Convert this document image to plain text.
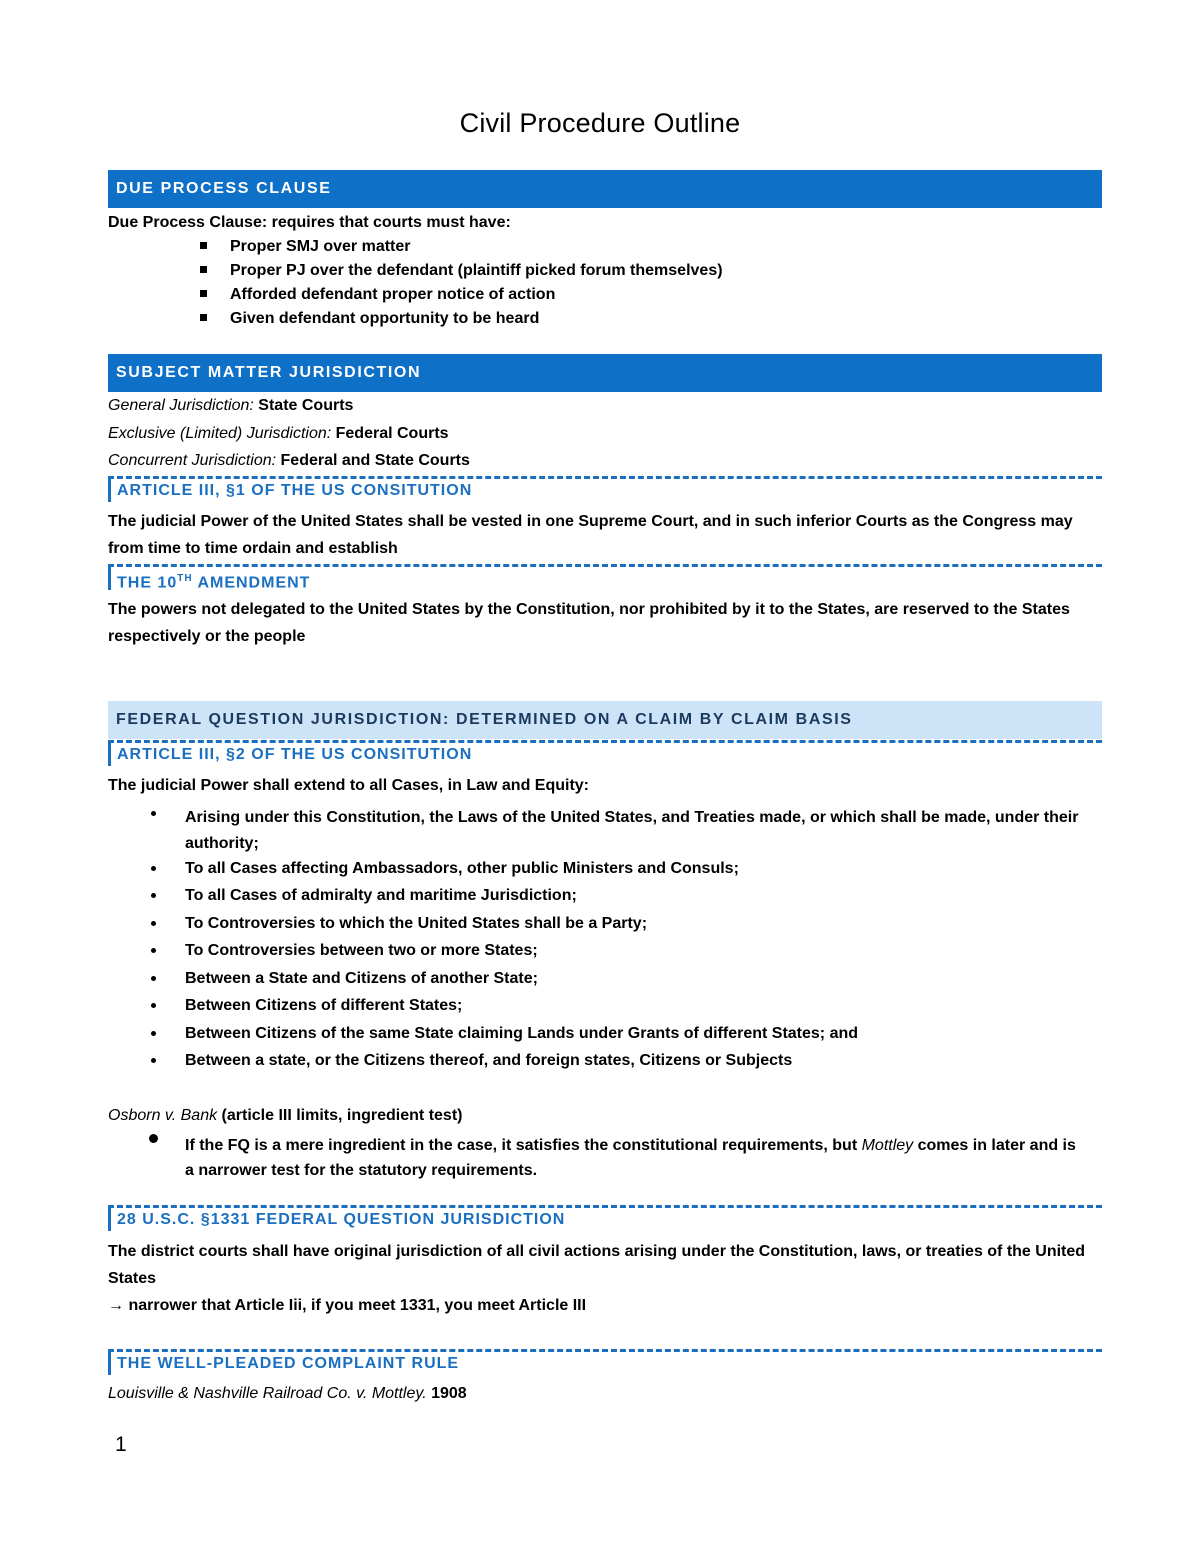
Civil Procedure Outline
DUE PROCESS CLAUSE
Due Process Clause: requires that courts must have:
Proper SMJ over matter
Proper PJ over the defendant (plaintiff picked forum themselves)
Afforded defendant proper notice of action
Given defendant opportunity to be heard
SUBJECT MATTER JURISDICTION
General Jurisdiction: State Courts
Exclusive (Limited) Jurisdiction: Federal Courts
Concurrent Jurisdiction: Federal and State Courts
ARTICLE III, §1 OF THE US CONSITUTION
The judicial Power of the United States shall be vested in one Supreme Court, and in such inferior Courts as the Congress may from time to time ordain and establish
THE 10TH AMENDMENT
The powers not delegated to the United States by the Constitution, nor prohibited by it to the States, are reserved to the States respectively or the people
FEDERAL QUESTION JURISDICTION: DETERMINED ON A CLAIM BY CLAIM BASIS
ARTICLE III, §2 OF THE US CONSITUTION
The judicial Power shall extend to all Cases, in Law and Equity:
Arising under this Constitution, the Laws of the United States, and Treaties made, or which shall be made, under their authority;
To all Cases affecting Ambassadors, other public Ministers and Consuls;
To all Cases of admiralty and maritime Jurisdiction;
To Controversies to which the United States shall be a Party;
To Controversies between two or more States;
Between a State and Citizens of another State;
Between Citizens of different States;
Between Citizens of the same State claiming Lands under Grants of different States; and
Between a state, or the Citizens thereof, and foreign states, Citizens or Subjects
Osborn v. Bank (article III limits, ingredient test)
If the FQ is a mere ingredient in the case, it satisfies the constitutional requirements, but Mottley comes in later and is a narrower test for the statutory requirements.
28 U.S.C. §1331 FEDERAL QUESTION JURISDICTION
The district courts shall have original jurisdiction of all civil actions arising under the Constitution, laws, or treaties of the United States
→ narrower that Article Iii, if you meet 1331, you meet Article III
THE WELL-PLEADED COMPLAINT RULE
Louisville & Nashville Railroad Co. v. Mottley. 1908
1
